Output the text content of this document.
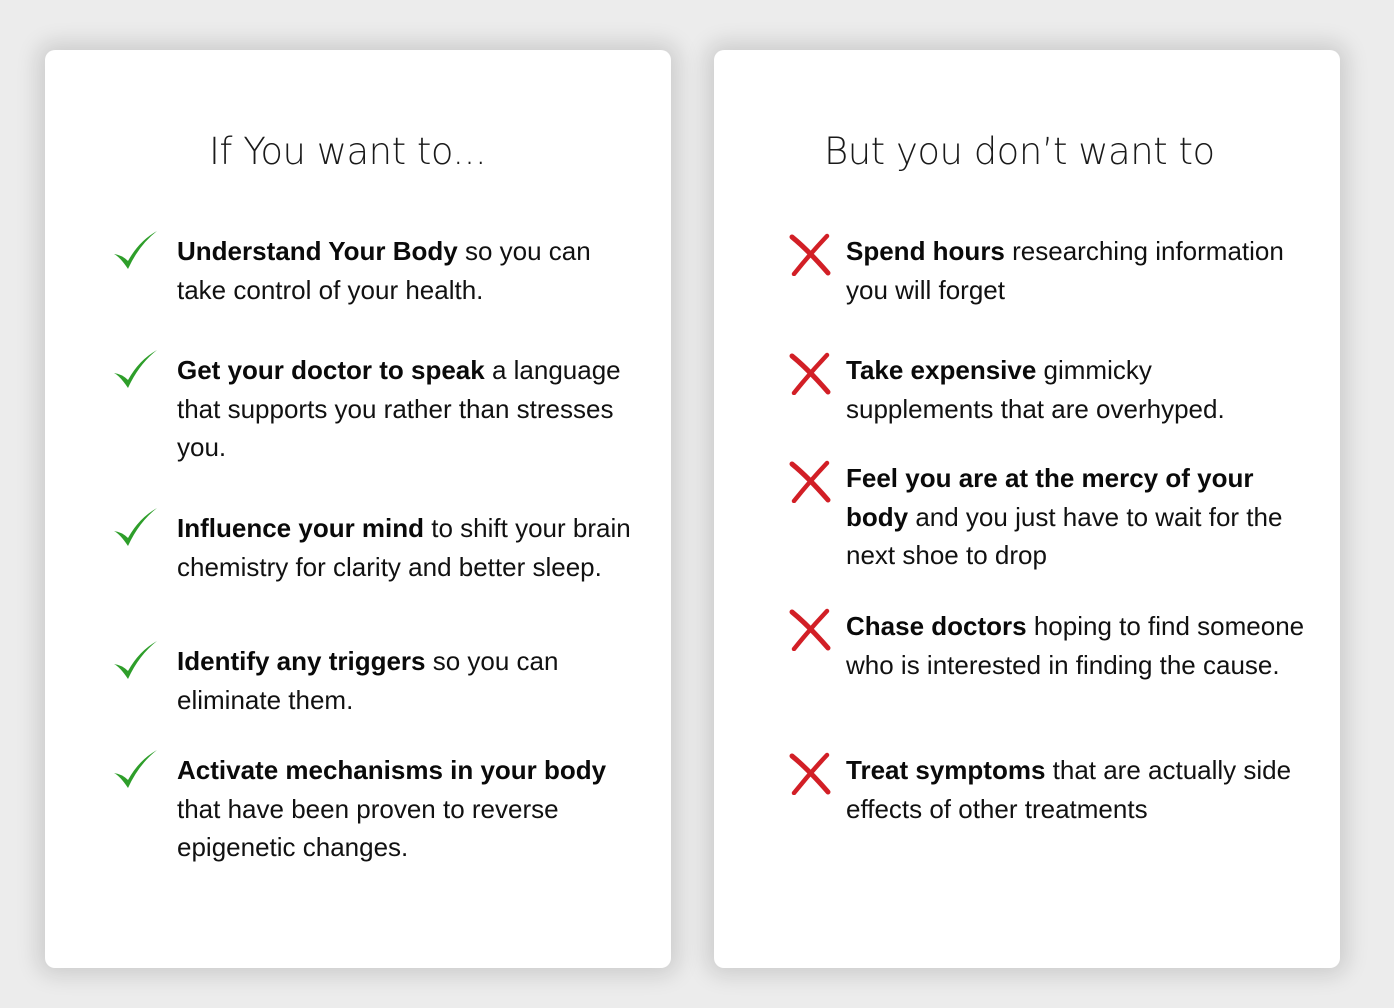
If You want to...
Understand Your Body so you can take control of your health.
Get your doctor to speak a language that supports you rather than stresses you.
Influence your mind to shift your brain chemistry for clarity and better sleep.
Identify any triggers so you can eliminate them.
Activate mechanisms in your body that have been proven to reverse epigenetic changes.
But you don’t want to
Spend hours researching information you will forget
Take expensive gimmicky supplements that are overhyped.
Feel you are at the mercy of your body and you just have to wait for the next shoe to drop
Chase doctors hoping to find someone who is interested in finding the cause.
Treat symptoms that are actually side effects of other treatments
